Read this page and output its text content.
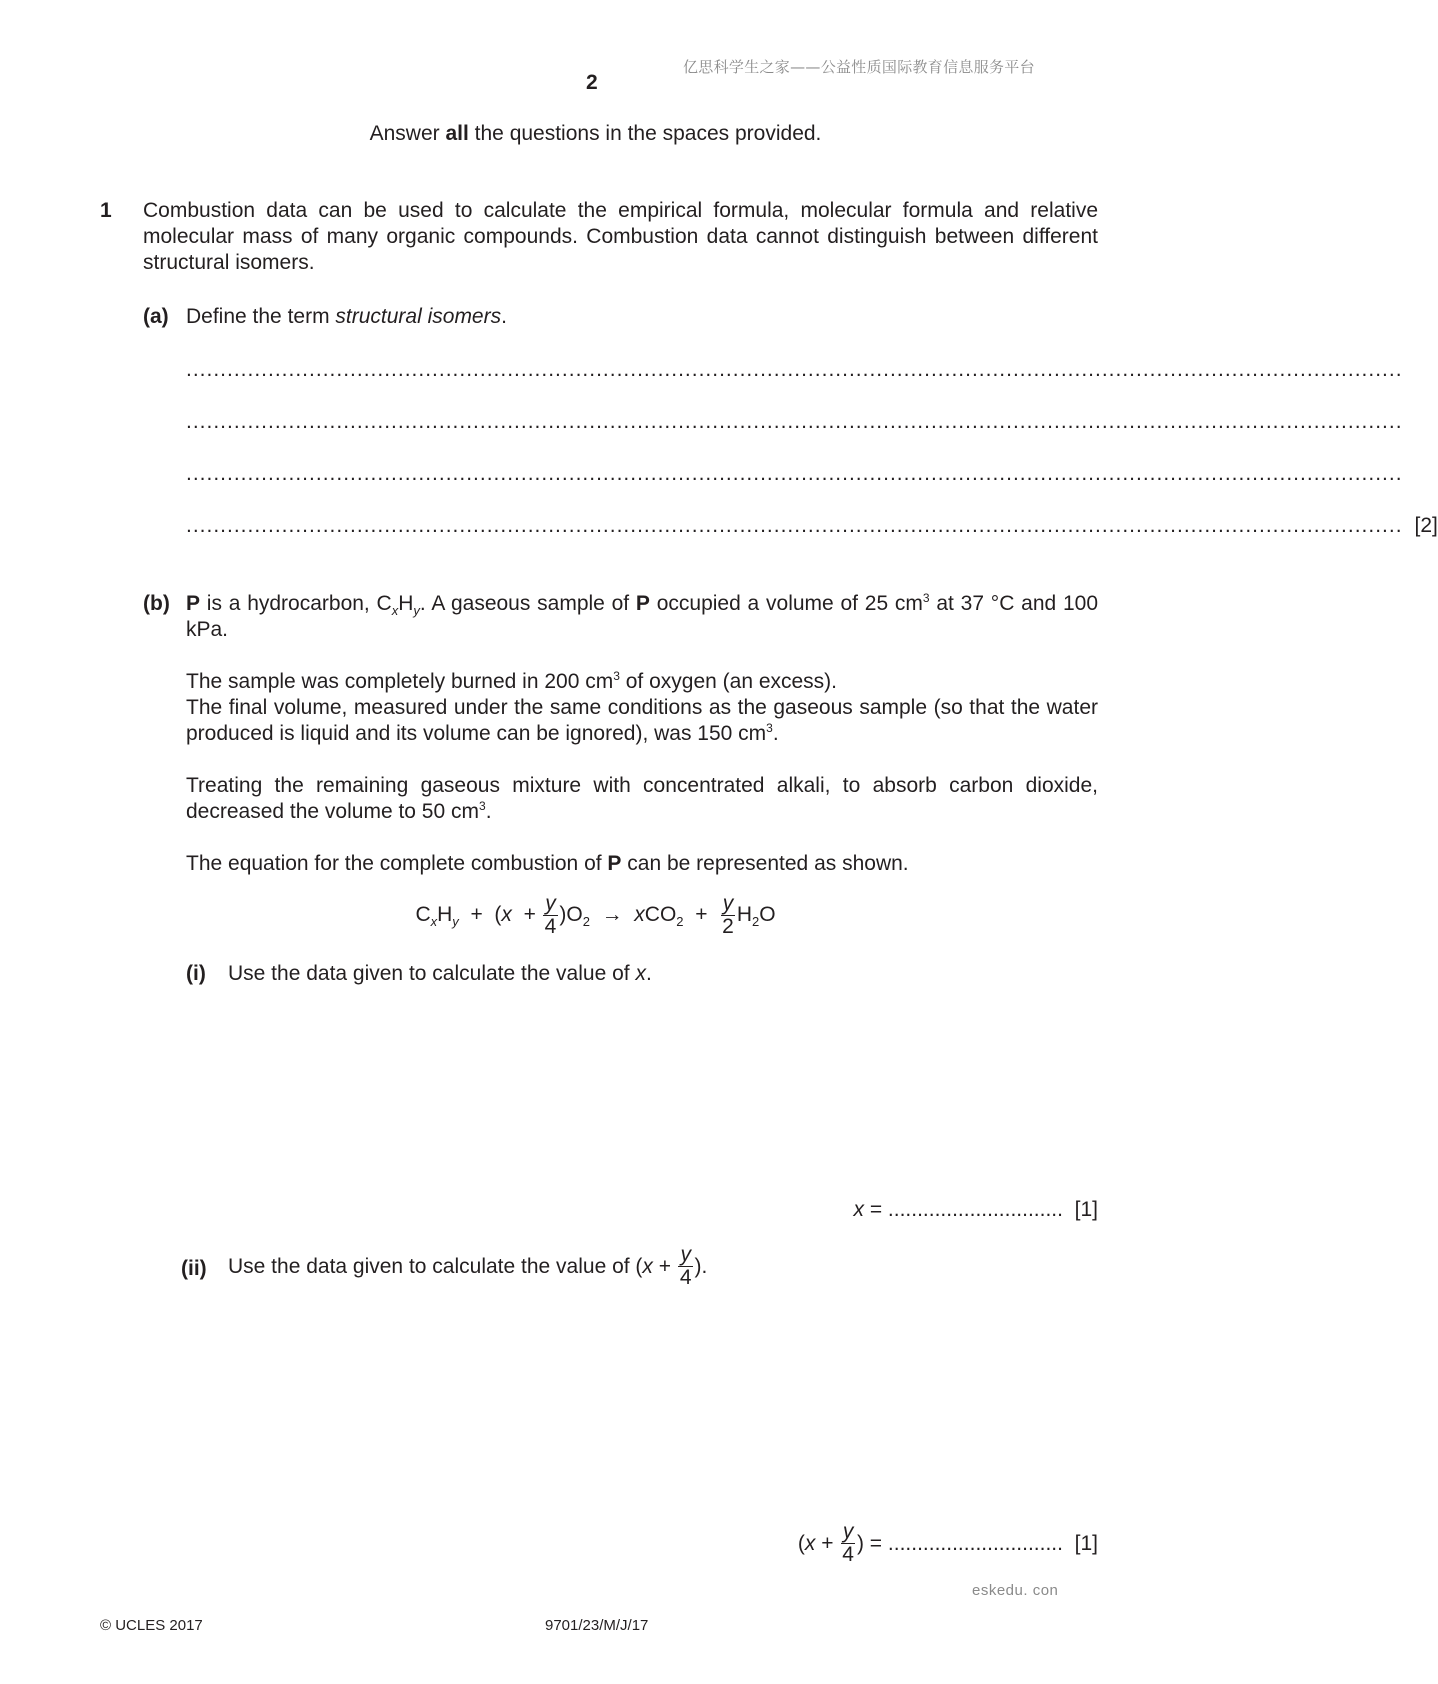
亿思科学生之家——公益性质国际教育信息服务平台
2
Answer all the questions in the spaces provided.
1 Combustion data can be used to calculate the empirical formula, molecular formula and relative molecular mass of many organic compounds. Combustion data cannot distinguish between different structural isomers.
(a) Define the term structural isomers.
..................................................................................................................................................................................
..................................................................................................................................................................................
..................................................................................................................................................................................
.................................................................................................................................................................................. [2]
(b) P is a hydrocarbon, $C_xH_y$. A gaseous sample of P occupied a volume of 25 $cm^3$ at 37 °C and 100 kPa.
The sample was completely burned in 200 $cm^3$ of oxygen (an excess).
The final volume, measured under the same conditions as the gaseous sample (so that the water produced is liquid and its volume can be ignored), was 150 $cm^3$.
Treating the remaining gaseous mixture with concentrated alkali, to absorb carbon dioxide, decreased the volume to 50 $cm^3$.
The equation for the complete combustion of P can be represented as shown.
$C_xH_y + (x + \frac{y}{4} )O_2 \to xCO_2 + \frac{y}{2} H_2O$
(i) Use the data given to calculate the value of x.
x = .............................. [1]
(ii) Use the data given to calculate the value of ( $x + \frac{y}{4}$ ).
( $x + \frac{y}{4}$ ) = ..............................
[1]
eskedu. con
© UCLES 2017	9701/23/M/J/17
